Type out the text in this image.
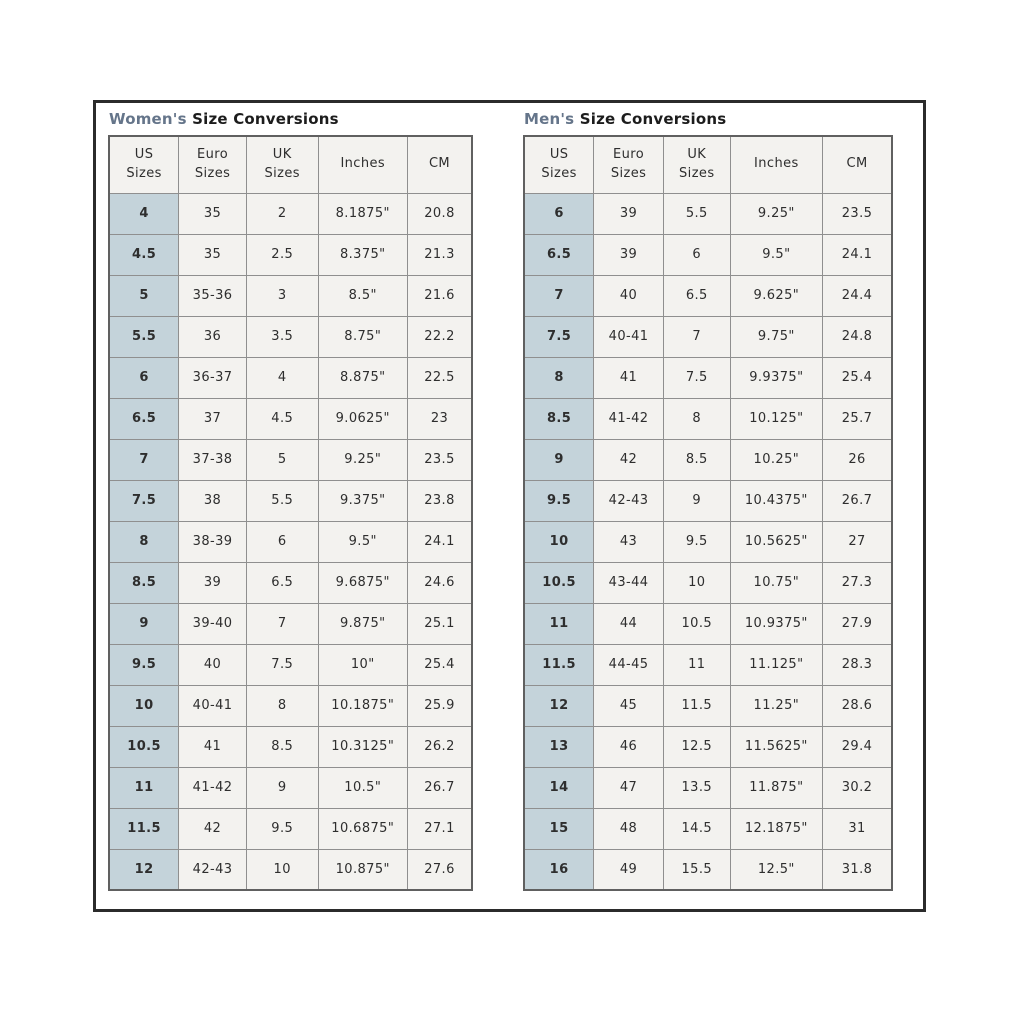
Women's Size Conversions
US Sizes	Euro Sizes	UK Sizes	Inches	CM
4	35	2	8.1875"	20.8
4.5	35	2.5	8.375"	21.3
5	35-36	3	8.5"	21.6
5.5	36	3.5	8.75"	22.2
6	36-37	4	8.875"	22.5
6.5	37	4.5	9.0625"	23
7	37-38	5	9.25"	23.5
7.5	38	5.5	9.375"	23.8
8	38-39	6	9.5"	24.1
8.5	39	6.5	9.6875"	24.6
9	39-40	7	9.875"	25.1
9.5	40	7.5	10"	25.4
10	40-41	8	10.1875"	25.9
10.5	41	8.5	10.3125"	26.2
11	41-42	9	10.5"	26.7
11.5	42	9.5	10.6875"	27.1
12	42-43	10	10.875"	27.6
Men's Size Conversions
US Sizes	Euro Sizes	UK Sizes	Inches	CM
6	39	5.5	9.25"	23.5
6.5	39	6	9.5"	24.1
7	40	6.5	9.625"	24.4
7.5	40-41	7	9.75"	24.8
8	41	7.5	9.9375"	25.4
8.5	41-42	8	10.125"	25.7
9	42	8.5	10.25"	26
9.5	42-43	9	10.4375"	26.7
10	43	9.5	10.5625"	27
10.5	43-44	10	10.75"	27.3
11	44	10.5	10.9375"	27.9
11.5	44-45	11	11.125"	28.3
12	45	11.5	11.25"	28.6
13	46	12.5	11.5625"	29.4
14	47	13.5	11.875"	30.2
15	48	14.5	12.1875"	31
16	49	15.5	12.5"	31.8
